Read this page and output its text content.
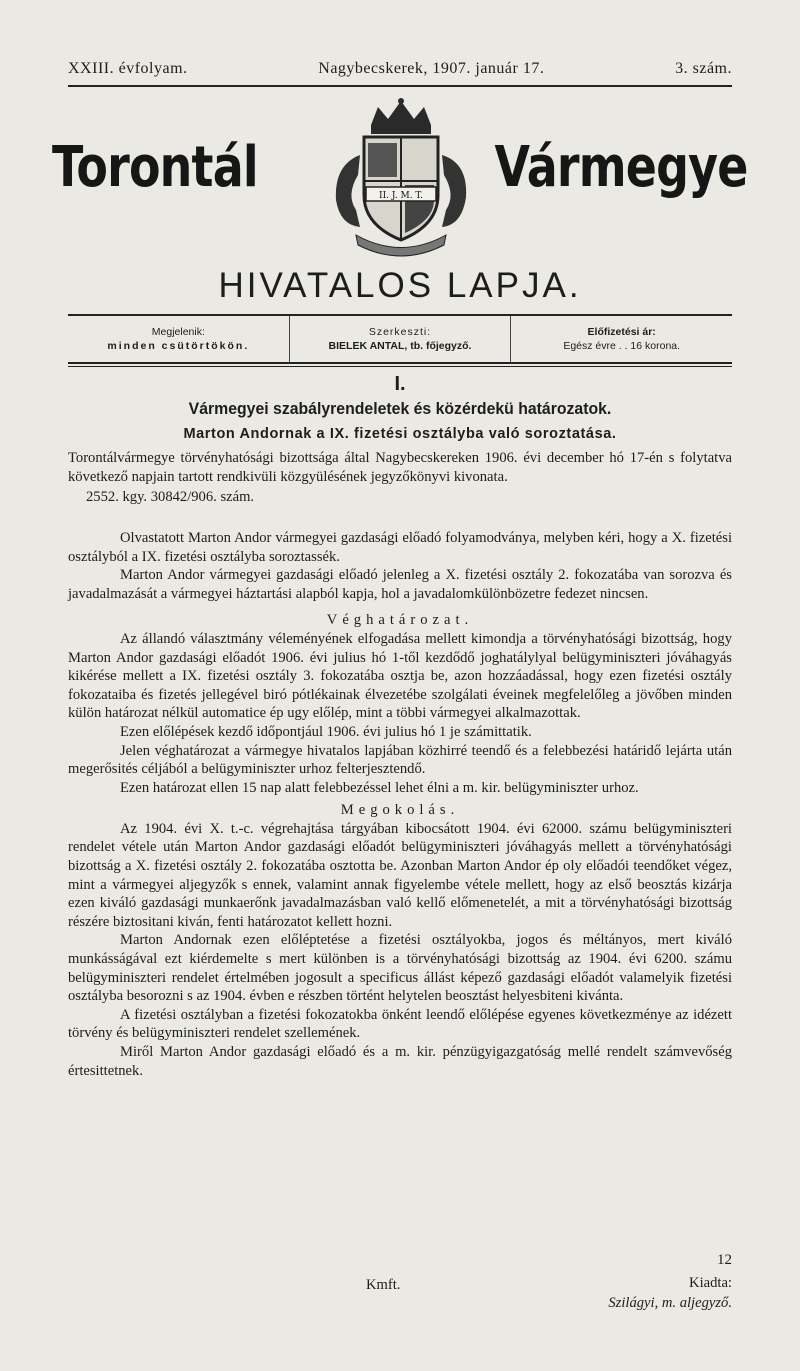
XXIII. évfolyam.	Nagybecskerek, 1907. január 17.	3. szám.
Torontál	II. J. M. T. Vármegye
HIVATALOS LAPJA.
Megjelenik:
minden csütörtökön.
Szerkeszti:
BIELEK ANTAL, tb. főjegyző.
Előfizetési ár:
Egész évre . . 16 korona.
I.
Vármegyei szabályrendeletek és közérdekü határozatok.
Marton Andornak a IX. fizetési osztályba való soroztatása.

Torontálvármegye törvényhatósági bizottsága által Nagybecskereken 1906. évi december hó 17-én s folytatva következő napjain tartott rendkivüli közgyülésének jegyzőkönyvi kivonata.

2552. kgy. 30842/906. szám.

Olvastatott Marton Andor vármegyei gazdasági előadó folyamodványa, melyben kéri, hogy a X. fizetési osztályból a IX. fizetési osztályba soroztassék.

Marton Andor vármegyei gazdasági előadó jelenleg a X. fizetési osztály 2. fokozatába van sorozva és javadalmazását a vármegyei háztartási alapból kapja, hol a javadalomkülönbözetre fedezet nincsen.

Véghatározat.

Az állandó választmány véleményének elfogadása mellett kimondja a törvényhatósági bizottság, hogy Marton Andor gazdasági előadót 1906. évi julius hó 1-től kezdődő joghatálylyal belügyminiszteri jóváhagyás kikérése mellett a IX. fizetési osztály 3. fokozatába osztja be, azon hozzáadással, hogy ezen fizetési osztály fokozataiba és fizetés jellegével biró pótlékainak élvezetébe szolgálati éveinek megfelelőleg a jövőben minden külön határozat nélkül automatice ép ugy előlép, mint a többi vármegyei alkalmazottak.

Ezen előlépések kezdő időpontjául 1906. évi julius hó 1 je számittatik.

Jelen véghatározat a vármegye hivatalos lapjában közhirré teendő és a felebbezési határidő lejárta után megerősités céljából a belügyminiszter urhoz felterjesztendő.

Ezen határozat ellen 15 nap alatt felebbezéssel lehet élni a m. kir. belügyminiszter urhoz.

Megokolás.

Az 1904. évi X. t.-c. végrehajtása tárgyában kibocsátott 1904. évi 62000. számu belügyminiszteri rendelet vétele után Marton Andor gazdasági előadót belügyminiszteri jóváhagyás mellett a törvényhatósági bizottság a X. fizetési osztály 2. fokozatába osztotta be. Azonban Marton Andor ép oly előadói teendőket végez, mint a vármegyei aljegyzők s ennek, valamint annak figyelembe vétele mellett, hogy az első beosztás kizárja ezen kiváló gazdasági munkaerőnk javadalmazásban való kellő előmenetelét, a mit a törvényhatósági bizottság részére biztositani kiván, fenti határozatot kellett hozni.

Marton Andornak ezen előléptetése a fizetési osztályokba, jogos és méltányos, mert kiváló munkásságával ezt kiérdemelte s mert különben is a törvényhatósági bizottság az 1904. évi 6200. számu belügyminiszteri rendelet értelmében jogosult a specificus állást képező gazdasági előadót valamelyik fizetési osztályba besorozni s az 1904. évben e részben történt helytelen beosztást helyesbiteni kivánta.

A fizetési osztályban a fizetési fokozatokba önként leendő előlépése egyenes következménye az idézett törvény és belügyminiszteri rendelet szellemének.

Miről Marton Andor gazdasági előadó és a m. kir. pénzügyigazgatóság mellé rendelt számvevőség értesittetnek.

12
Kmft.	Kiadta:
Szilágyi, m. aljegyző.
